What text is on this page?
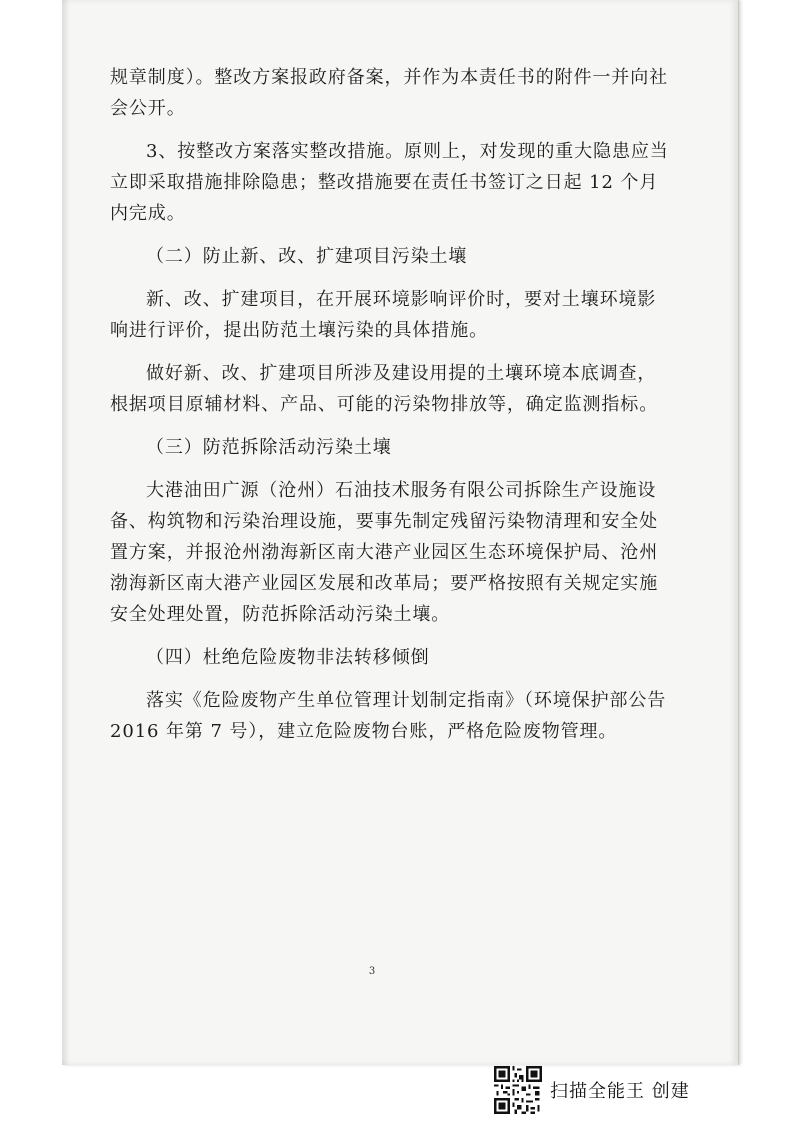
规章制度）。整改方案报政府备案，并作为本责任书的附件一并向社会公开。

3、按整改方案落实整改措施。原则上，对发现的重大隐患应当立即采取措施排除隐患；整改措施要在责任书签订之日起 12 个月内完成。

（二）防止新、改、扩建项目污染土壤

新、改、扩建项目，在开展环境影响评价时，要对土壤环境影响进行评价，提出防范土壤污染的具体措施。

做好新、改、扩建项目所涉及建设用提的土壤环境本底调查，根据项目原辅材料、产品、可能的污染物排放等，确定监测指标。

（三）防范拆除活动污染土壤

大港油田广源（沧州）石油技术服务有限公司拆除生产设施设备、构筑物和污染治理设施，要事先制定残留污染物清理和安全处置方案，并报沧州渤海新区南大港产业园区生态环境保护局、沧州渤海新区南大港产业园区发展和改革局；要严格按照有关规定实施安全处理处置，防范拆除活动污染土壤。

（四）杜绝危险废物非法转移倾倒

落实《危险废物产生单位管理计划制定指南》（环境保护部公告 2016 年第 7 号），建立危险废物台账，严格危险废物管理。

3
扫描全能王 创建
